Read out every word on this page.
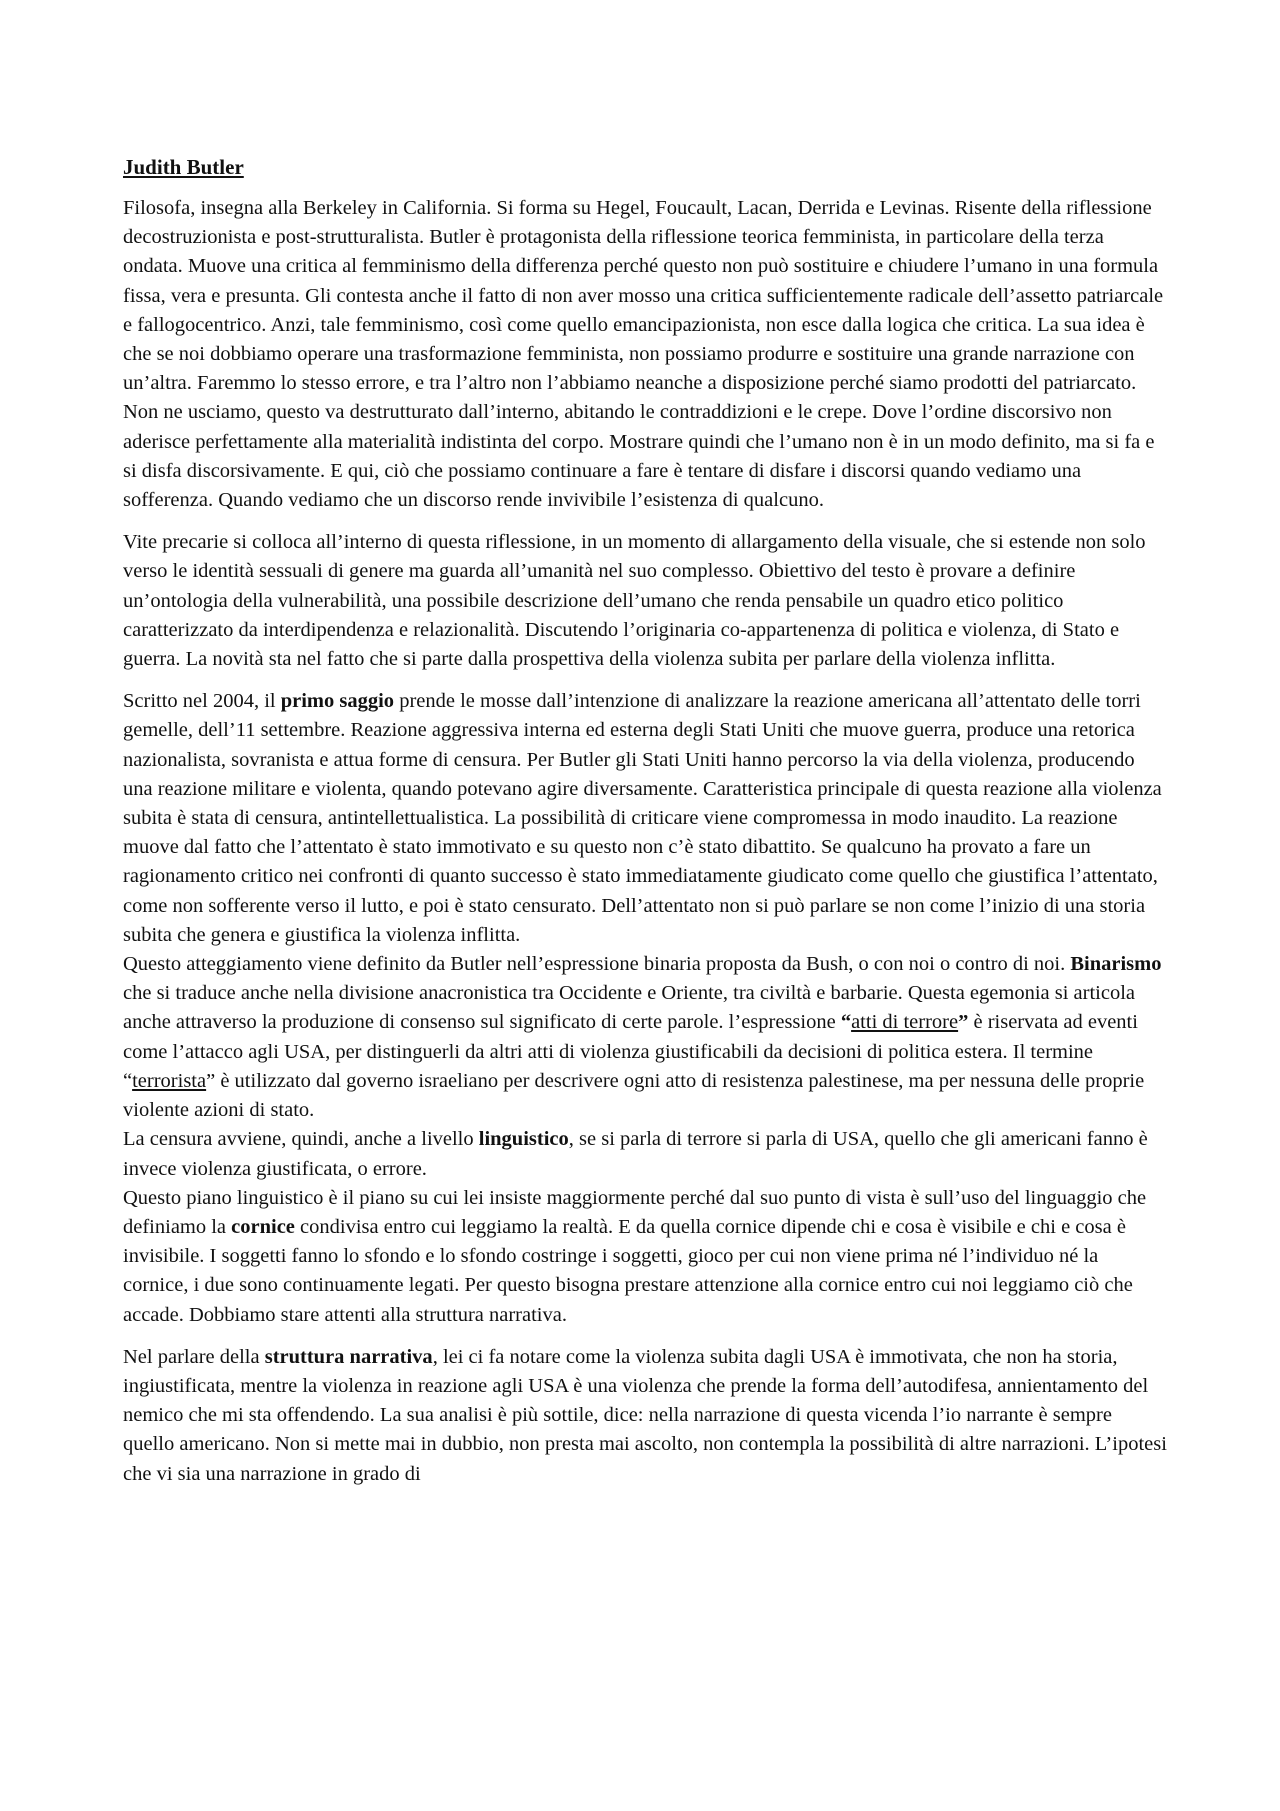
Judith Butler

Filosofa, insegna alla Berkeley in California. Si forma su Hegel, Foucault, Lacan, Derrida e Levinas. Risente della riflessione decostruzionista e post-strutturalista. Butler è protagonista della riflessione teorica femminista, in particolare della terza ondata. Muove una critica al femminismo della differenza perché questo non può sostituire e chiudere l’umano in una formula fissa, vera e presunta. Gli contesta anche il fatto di non aver mosso una critica sufficientemente radicale dell’assetto patriarcale e fallogocentrico. Anzi, tale femminismo, così come quello emancipazionista, non esce dalla logica che critica. La sua idea è che se noi dobbiamo operare una trasformazione femminista, non possiamo produrre e sostituire una grande narrazione con un’altra. Faremmo lo stesso errore, e tra l’altro non l’abbiamo neanche a disposizione perché siamo prodotti del patriarcato. Non ne usciamo, questo va destrutturato dall’interno, abitando le contraddizioni e le crepe. Dove l’ordine discorsivo non aderisce perfettamente alla materialità indistinta del corpo. Mostrare quindi che l’umano non è in un modo definito, ma si fa e si disfa discorsivamente. E qui, ciò che possiamo continuare a fare è tentare di disfare i discorsi quando vediamo una sofferenza. Quando vediamo che un discorso rende invivibile l’esistenza di qualcuno.

Vite precarie si colloca all’interno di questa riflessione, in un momento di allargamento della visuale, che si estende non solo verso le identità sessuali di genere ma guarda all’umanità nel suo complesso. Obiettivo del testo è provare a definire un’ontologia della vulnerabilità, una possibile descrizione dell’umano che renda pensabile un quadro etico politico caratterizzato da interdipendenza e relazionalità. Discutendo l’originaria co-appartenenza di politica e violenza, di Stato e guerra. La novità sta nel fatto che si parte dalla prospettiva della violenza subita per parlare della violenza inflitta.

Scritto nel 2004, il primo saggio prende le mosse dall’intenzione di analizzare la reazione americana all’attentato delle torri gemelle, dell’11 settembre. Reazione aggressiva interna ed esterna degli Stati Uniti che muove guerra, produce una retorica nazionalista, sovranista e attua forme di censura. Per Butler gli Stati Uniti hanno percorso la via della violenza, producendo una reazione militare e violenta, quando potevano agire diversamente. Caratteristica principale di questa reazione alla violenza subita è stata di censura, antintellettualistica. La possibilità di criticare viene compromessa in modo inaudito. La reazione muove dal fatto che l’attentato è stato immotivato e su questo non c’è stato dibattito. Se qualcuno ha provato a fare un ragionamento critico nei confronti di quanto successo è stato immediatamente giudicato come quello che giustifica l’attentato, come non sofferente verso il lutto, e poi è stato censurato. Dell’attentato non si può parlare se non come l’inizio di una storia subita che genera e giustifica la violenza inflitta.

Questo atteggiamento viene definito da Butler nell’espressione binaria proposta da Bush, o con noi o contro di noi. Binarismo che si traduce anche nella divisione anacronistica tra Occidente e Oriente, tra civiltà e barbarie. Questa egemonia si articola anche attraverso la produzione di consenso sul significato di certe parole. l’espressione “atti di terrore” è riservata ad eventi come l’attacco agli USA, per distinguerli da altri atti di violenza giustificabili da decisioni di politica estera. Il termine “terrorista” è utilizzato dal governo israeliano per descrivere ogni atto di resistenza palestinese, ma per nessuna delle proprie violente azioni di stato.

La censura avviene, quindi, anche a livello linguistico, se si parla di terrore si parla di USA, quello che gli americani fanno è invece violenza giustificata, o errore.

Questo piano linguistico è il piano su cui lei insiste maggiormente perché dal suo punto di vista è sull’uso del linguaggio che definiamo la cornice condivisa entro cui leggiamo la realtà. E da quella cornice dipende chi e cosa è visibile e chi e cosa è invisibile. I soggetti fanno lo sfondo e lo sfondo costringe i soggetti, gioco per cui non viene prima né l’individuo né la cornice, i due sono continuamente legati. Per questo bisogna prestare attenzione alla cornice entro cui noi leggiamo ciò che accade. Dobbiamo stare attenti alla struttura narrativa.

Nel parlare della struttura narrativa, lei ci fa notare come la violenza subita dagli USA è immotivata, che non ha storia, ingiustificata, mentre la violenza in reazione agli USA è una violenza che prende la forma dell’autodifesa, annientamento del nemico che mi sta offendendo. La sua analisi è più sottile, dice: nella narrazione di questa vicenda l’io narrante è sempre quello americano. Non si mette mai in dubbio, non presta mai ascolto, non contempla la possibilità di altre narrazioni. L’ipotesi che vi sia una narrazione in grado di
